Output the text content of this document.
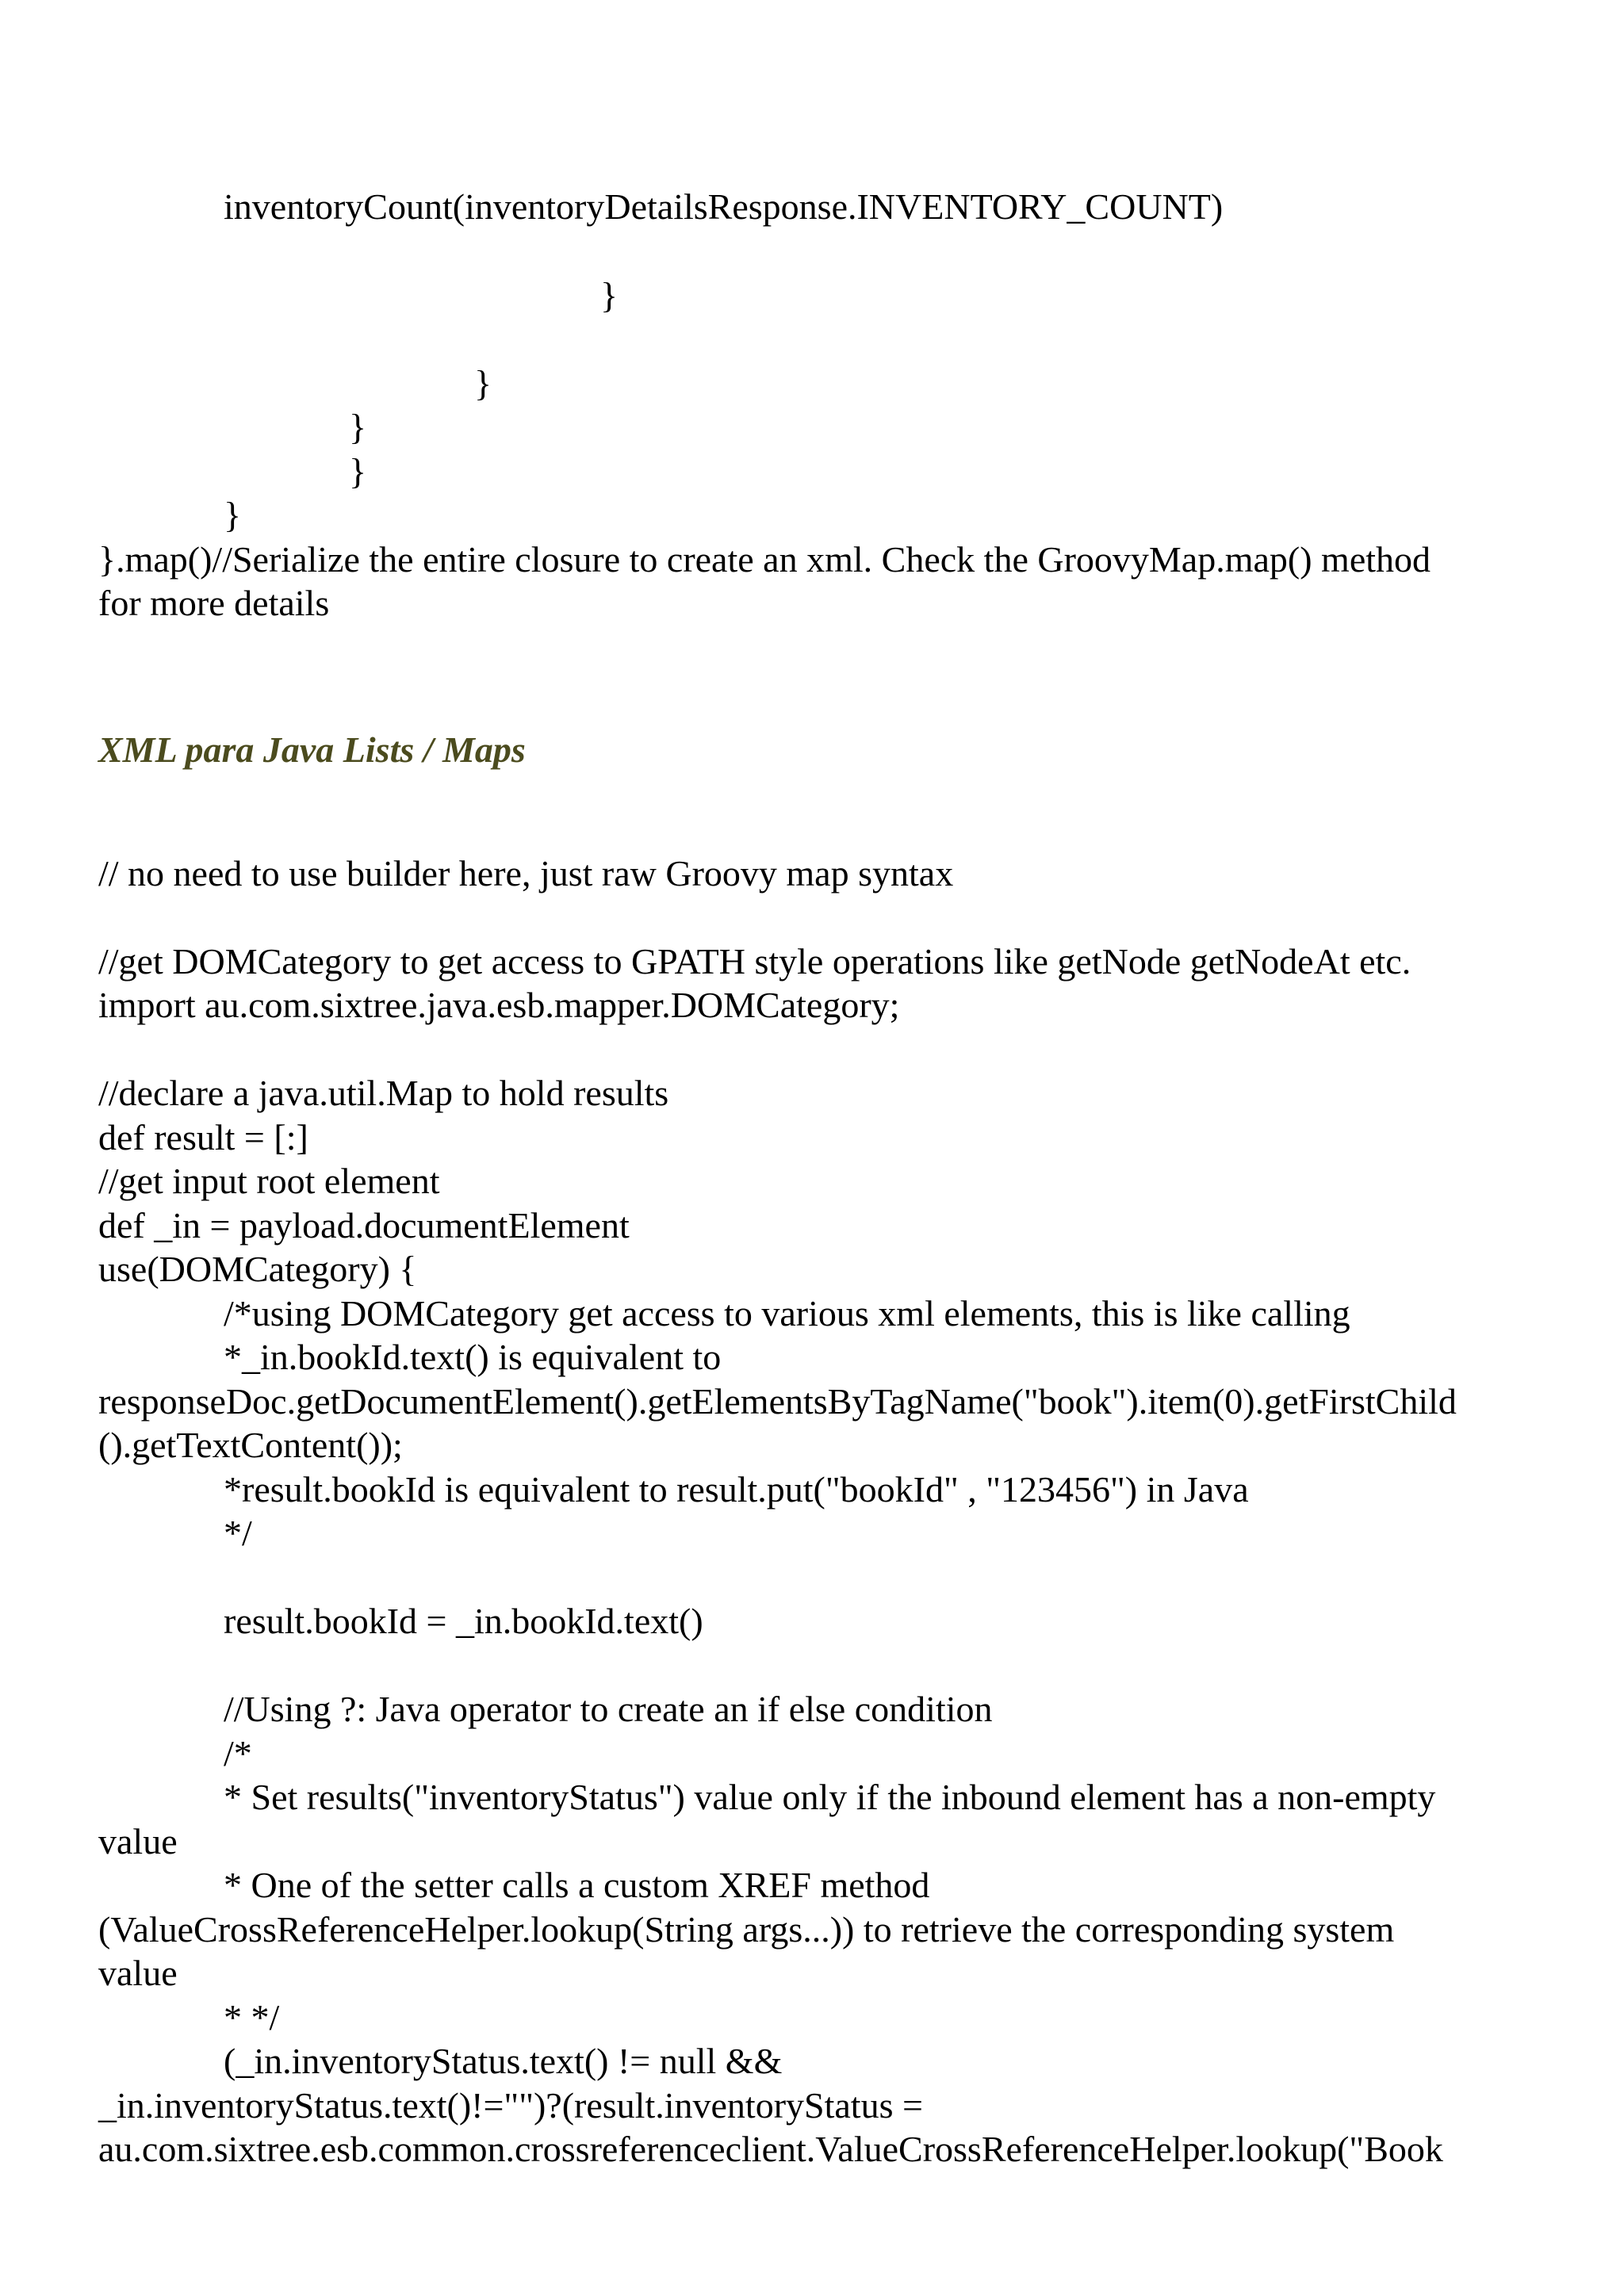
inventoryCount(inventoryDetailsResponse.INVENTORY_COUNT)

}

}

}

}

}

}.map()//Serialize the entire closure to create an xml. Check the GroovyMap.map() method

for more details

XML para Java Lists / Maps

// no need to use builder here, just raw Groovy map syntax

//get DOMCategory to get access to GPATH style operations like getNode getNodeAt etc.

import au.com.sixtree.java.esb.mapper.DOMCategory;

//declare a java.util.Map to hold results

def result = [:]

//get input root element

def _in = payload.documentElement

use(DOMCategory) {

/*using DOMCategory get access to various xml elements, this is like calling

*_in.bookId.text() is equivalent to

responseDoc.getDocumentElement().getElementsByTagName("book").item(0).getFirstChild

().getTextContent());

*result.bookId is equivalent to result.put("bookId" , "123456") in Java

*/

result.bookId = _in.bookId.text()

//Using ?: Java operator to create an if else condition

/*

* Set results("inventoryStatus") value only if the inbound element has a non-empty

value

* One of the setter calls a custom XREF method

(ValueCrossReferenceHelper.lookup(String args...)) to retrieve the corresponding system

value

* */

(_in.inventoryStatus.text() != null &&

_in.inventoryStatus.text()!="")?(result.inventoryStatus =

au.com.sixtree.esb.common.crossreferenceclient.ValueCrossReferenceHelper.lookup("Book
